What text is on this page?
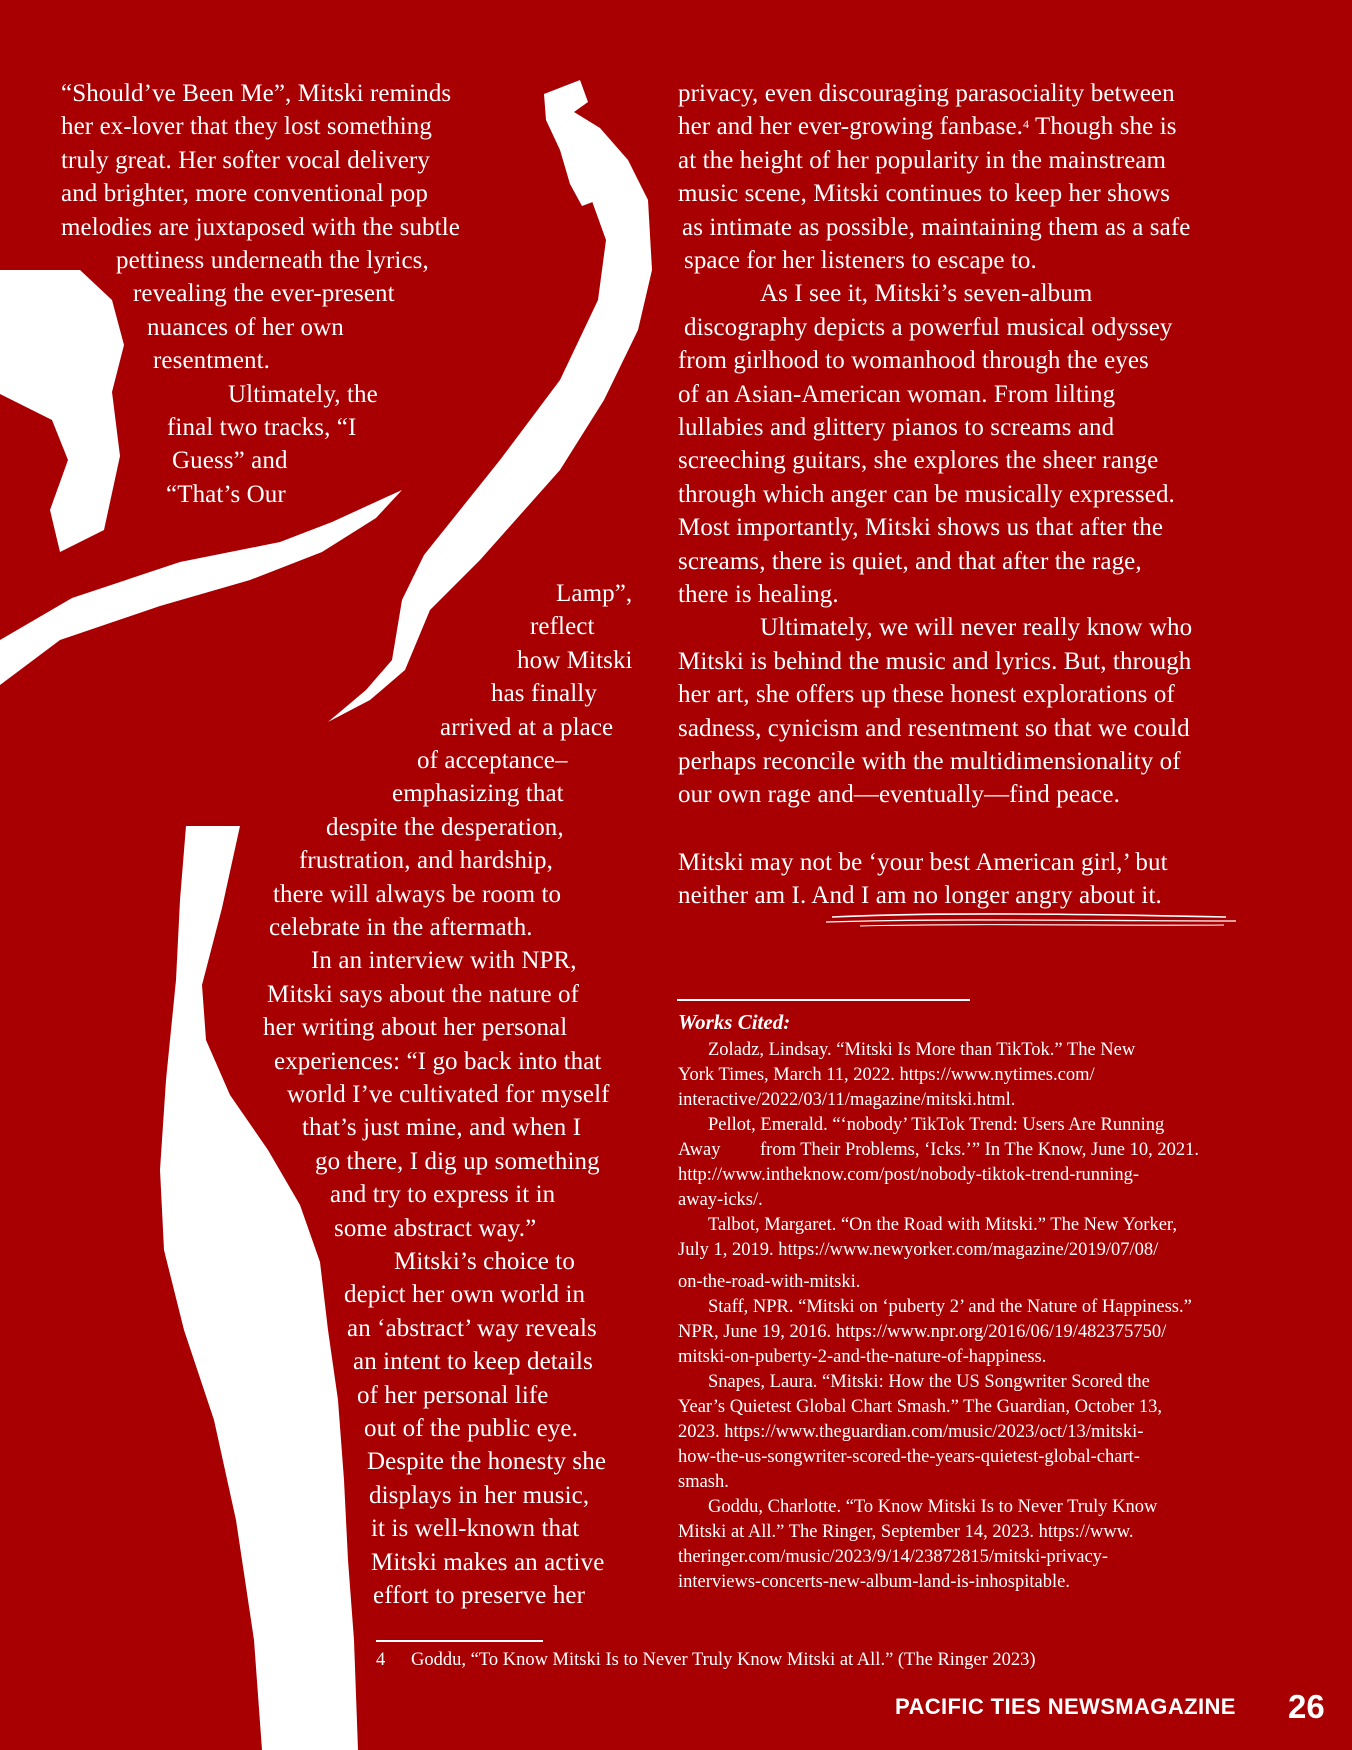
“Should’ve Been Me”, Mitski reminds
her ex-lover that they lost something
truly great. Her softer vocal delivery
and brighter, more conventional pop
melodies are juxtaposed with the subtle
pettiness underneath the lyrics,
revealing the ever-present
nuances of her own
resentment.
Ultimately, the
final two tracks, “I
Guess” and
“That’s Our
Lamp”,
reflect
how Mitski
has finally
arrived at a place
of acceptance–
emphasizing that
despite the desperation,
frustration, and hardship,
there will always be room to
celebrate in the aftermath.
In an interview with NPR,
Mitski says about the nature of
her writing about her personal
experiences: “I go back into that
world I’ve cultivated for myself
that’s just mine, and when I
go there, I dig up something
and try to express it in
some abstract way.”
Mitski’s choice to
depict her own world in
an ‘abstract’ way reveals
an intent to keep details
of her personal life
out of the public eye.
Despite the honesty she
displays in her music,
it is well-known that
Mitski makes an active
effort to preserve her
privacy, even discouraging parasociality between
her and her ever-growing fanbase.$^4$ Though she is
at the height of her popularity in the mainstream
music scene, Mitski continues to keep her shows
as intimate as possible, maintaining them as a safe
space for her listeners to escape to.
As I see it, Mitski’s seven-album
discography depicts a powerful musical odyssey
from girlhood to womanhood through the eyes
of an Asian-American woman. From lilting
lullabies and glittery pianos to screams and
screeching guitars, she explores the sheer range
through which anger can be musically expressed.
Most importantly, Mitski shows us that after the
screams, there is quiet, and that after the rage,
there is healing.
Ultimately, we will never really know who
Mitski is behind the music and lyrics. But, through
her art, she offers up these honest explorations of
sadness, cynicism and resentment so that we could
perhaps reconcile with the multidimensionality of
our own rage and—eventually—find peace.
Mitski may not be ‘your best American girl,’ but
neither am I. And I am no longer angry about it.
Works Cited:
Zoladz, Lindsay. “Mitski Is More than TikTok.” The New
York Times, March 11, 2022. https://www.nytimes.com/
interactive/2022/03/11/magazine/mitski.html.
Pellot, Emerald. “‘nobody’ TikTok Trend: Users Are Running
Away from Their Problems, ‘Icks.’” In The Know, June 10, 2021.
http://www.intheknow.com/post/nobody-tiktok-trend-running-
away-icks/.
Talbot, Margaret. “On the Road with Mitski.” The New Yorker,
July 1, 2019. https://www.newyorker.com/magazine/2019/07/08/
on-the-road-with-mitski.
Staff, NPR. “Mitski on ‘puberty 2’ and the Nature of Happiness.”
NPR, June 19, 2016. https://www.npr.org/2016/06/19/482375750/
mitski-on-puberty-2-and-the-nature-of-happiness.
Snapes, Laura. “Mitski: How the US Songwriter Scored the
Year’s Quietest Global Chart Smash.” The Guardian, October 13,
2023. https://www.theguardian.com/music/2023/oct/13/mitski-
how-the-us-songwriter-scored-the-years-quietest-global-chart-
smash.
Goddu, Charlotte. “To Know Mitski Is to Never Truly Know
Mitski at All.” The Ringer, September 14, 2023. https://www.
theringer.com/music/2023/9/14/23872815/mitski-privacy-
interviews-concerts-new-album-land-is-inhospitable.
4 Goddu, “To Know Mitski Is to Never Truly Know Mitski at All.” (The Ringer 2023)
PACIFIC TIES NEWSMAGAZINE 26
